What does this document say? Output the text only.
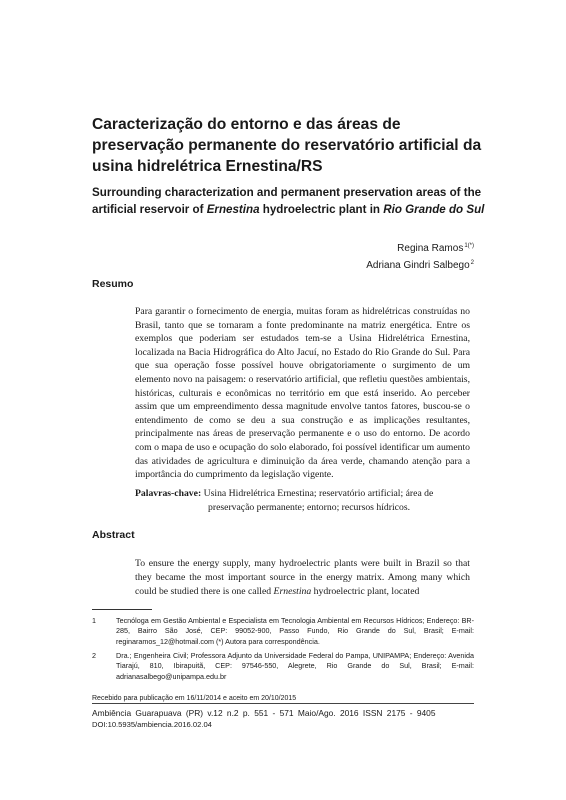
Caracterização do entorno e das áreas de preservação permanente do reservatório artificial da usina hidrelétrica Ernestina/RS
Surrounding characterization and permanent preservation areas of the artificial reservoir of Ernestina hydroelectric plant in Rio Grande do Sul
Regina Ramos$^{1(*)}$
Adriana Gindri Salbego$^2$
Resumo
Para garantir o fornecimento de energia, muitas foram as hidrelétricas construídas no Brasil, tanto que se tornaram a fonte predominante na matriz energética. Entre os exemplos que poderiam ser estudados tem-se a Usina Hidrelétrica Ernestina, localizada na Bacia Hidrográfica do Alto Jacuí, no Estado do Rio Grande do Sul. Para que sua operação fosse possível houve obrigatoriamente o surgimento de um elemento novo na paisagem: o reservatório artificial, que refletiu questões ambientais, históricas, culturais e econômicas no território em que está inserido. Ao perceber assim que um empreendimento dessa magnitude envolve tantos fatores, buscou-se o entendimento de como se deu a sua construção e as implicações resultantes, principalmente nas áreas de preservação permanente e o uso do entorno. De acordo com o mapa de uso e ocupação do solo elaborado, foi possível identificar um aumento das atividades de agricultura e diminuição da área verde, chamando atenção para a importância do cumprimento da legislação vigente.
Palavras-chave: Usina Hidrelétrica Ernestina; reservatório artificial; área de
preservação permanente; entorno; recursos hídricos.
Abstract
To ensure the energy supply, many hydroelectric plants were built in Brazil so that they became the most important source in the energy matrix. Among many which could be studied there is one called Ernestina hydroelectric plant, located
1	Tecnóloga em Gestão Ambiental e Especialista em Tecnologia Ambiental em Recursos Hídricos; Endereço: BR-285, Bairro São José, CEP: 99052-900, Passo Fundo, Rio Grande do Sul, Brasil; E-mail: reginaramos_12@hotmail.com (*) Autora para correspondência.
2	Dra.; Engenheira Civil; Professora Adjunto da Universidade Federal do Pampa, UNIPAMPA; Endereço: Avenida Tiarajú, 810, Ibirapuitã, CEP: 97546-550, Alegrete, Rio Grande do Sul, Brasil; E-mail: adrianasalbego@unipampa.edu.br
Recebido para publicação em 16/11/2014 e aceito em 20/10/2015
Ambiência Guarapuava (PR) v.12 n.2 p. 551 - 571 Maio/Ago. 2016 ISSN 2175 - 9405
DOI:10.5935/ambiencia.2016.02.04
